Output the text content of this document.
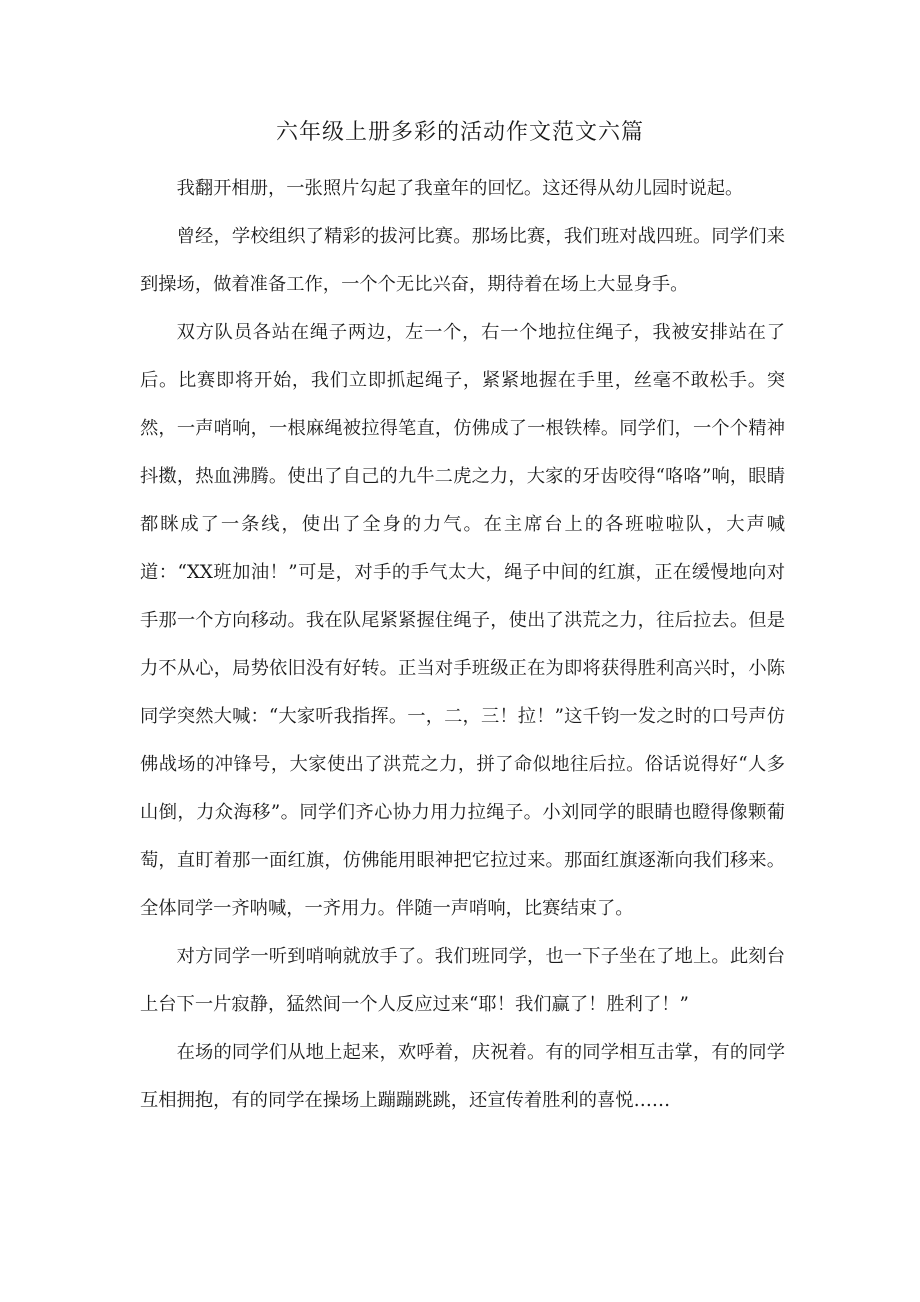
六年级上册多彩的活动作文范文六篇

我翻开相册，一张照片勾起了我童年的回忆。这还得从幼儿园时说起。

曾经，学校组织了精彩的拔河比赛。那场比赛，我们班对战四班。同学们来到操场，做着准备工作，一个个无比兴奋，期待着在场上大显身手。

双方队员各站在绳子两边，左一个，右一个地拉住绳子，我被安排站在了后。比赛即将开始，我们立即抓起绳子，紧紧地握在手里，丝毫不敢松手。突然，一声哨响，一根麻绳被拉得笔直，仿佛成了一根铁棒。同学们，一个个精神抖擞，热血沸腾。使出了自己的九牛二虎之力，大家的牙齿咬得“咯咯”响，眼睛都眯成了一条线，使出了全身的力气。在主席台上的各班啦啦队，大声喊道：“XX班加油！”可是，对手的手气太大，绳子中间的红旗，正在缓慢地向对手那一个方向移动。我在队尾紧紧握住绳子，使出了洪荒之力，往后拉去。但是力不从心，局势依旧没有好转。正当对手班级正在为即将获得胜利高兴时，小陈同学突然大喊：“大家听我指挥。一，二，三！拉！”这千钧一发之时的口号声仿佛战场的冲锋号，大家使出了洪荒之力，拼了命似地往后拉。俗话说得好“人多山倒，力众海移”。同学们齐心协力用力拉绳子。小刘同学的眼睛也瞪得像颗葡萄，直盯着那一面红旗，仿佛能用眼神把它拉过来。那面红旗逐渐向我们移来。全体同学一齐呐喊，一齐用力。伴随一声哨响，比赛结束了。

对方同学一听到哨响就放手了。我们班同学，也一下子坐在了地上。此刻台上台下一片寂静，猛然间一个人反应过来“耶！我们赢了！胜利了！”

在场的同学们从地上起来，欢呼着，庆祝着。有的同学相互击掌，有的同学互相拥抱，有的同学在操场上蹦蹦跳跳，还宣传着胜利的喜悦……
